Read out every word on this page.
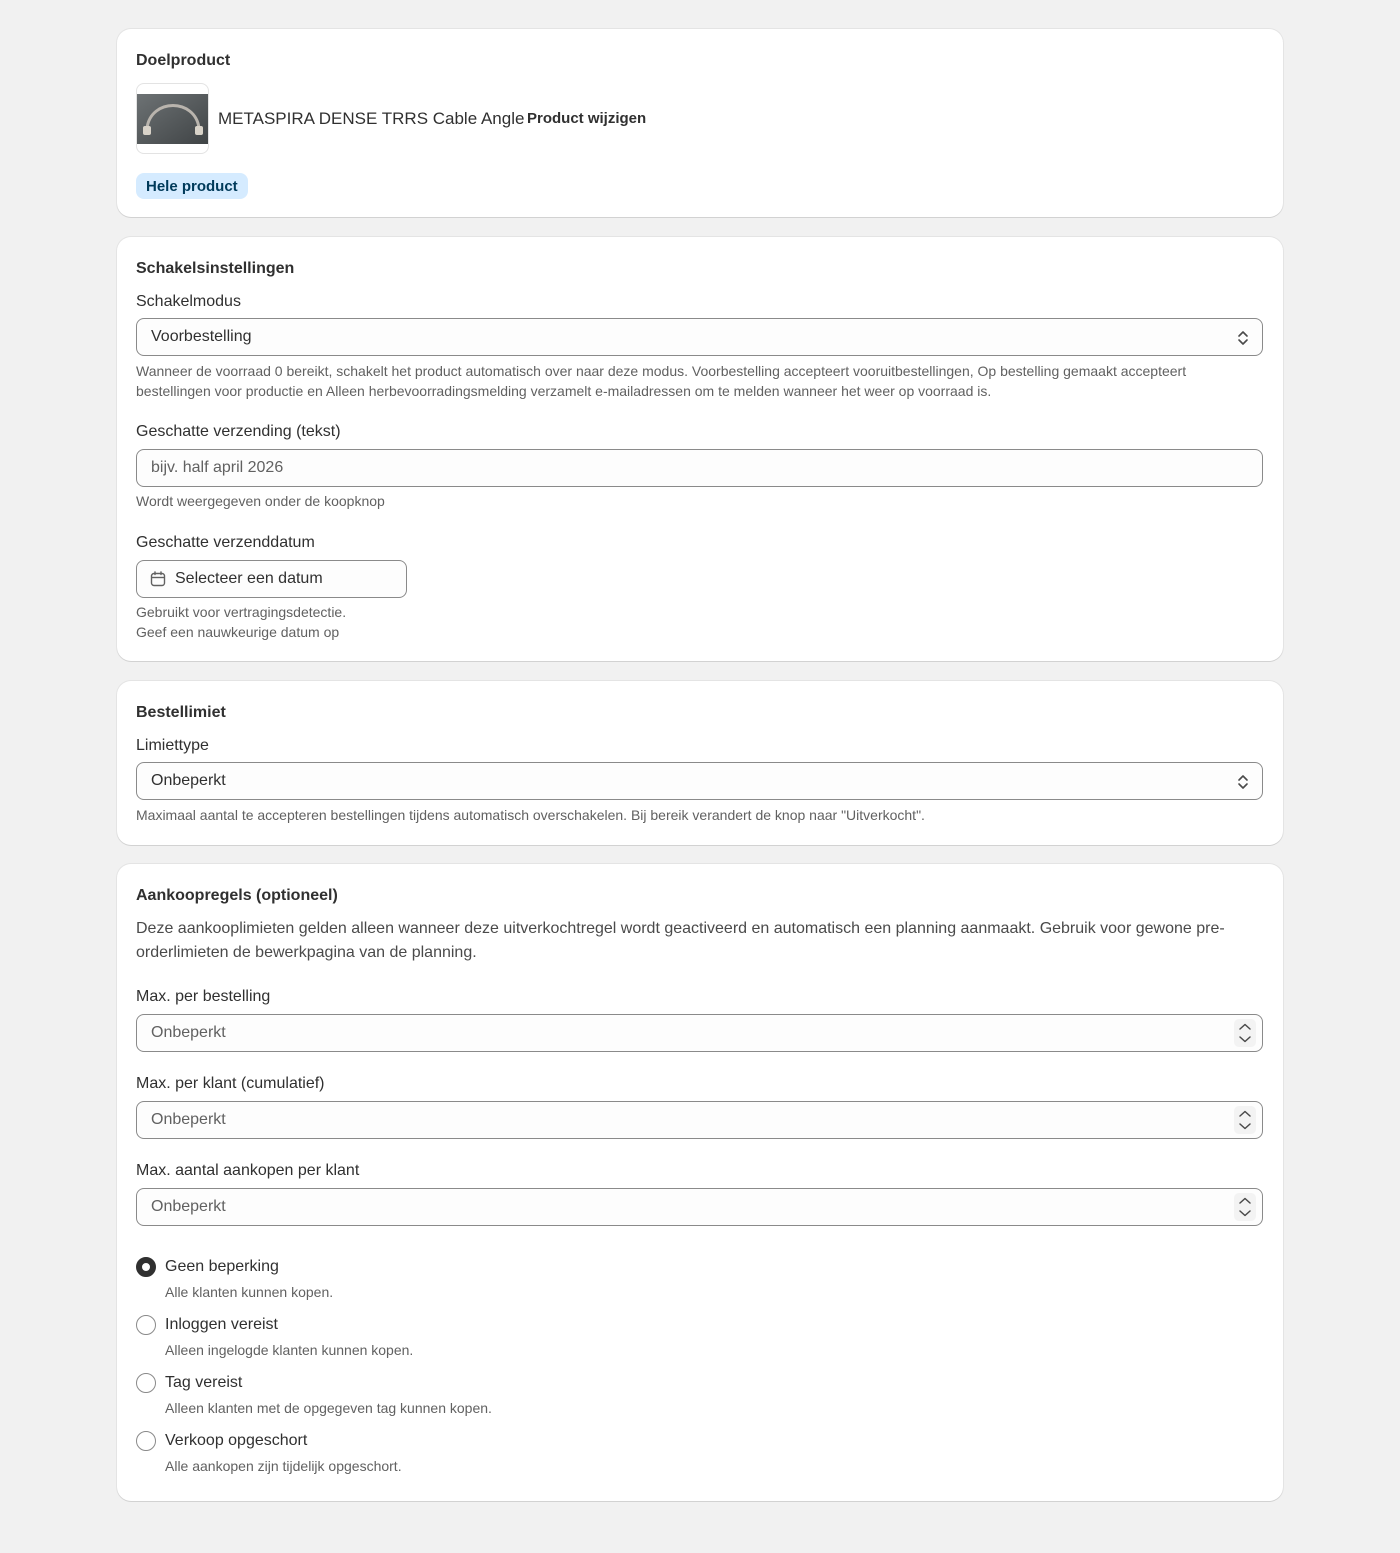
Doelproduct
METASPIRA DENSE TRRS Cable Angle Product wijzigen
Hele product
Schakelsinstellingen
Schakelmodus
Voorbestelling
Wanneer de voorraad 0 bereikt, schakelt het product automatisch over naar deze modus. Voorbestelling accepteert vooruitbestellingen, Op bestelling gemaakt accepteert bestellingen voor productie en Alleen herbevoorradingsmelding verzamelt e-mailadressen om te melden wanneer het weer op voorraad is.
Geschatte verzending (tekst)
bijv. half april 2026
Wordt weergegeven onder de koopknop
Geschatte verzenddatum
Selecteer een datum
Gebruikt voor vertragingsdetectie.
Geef een nauwkeurige datum op
Bestellimiet
Limiettype
Onbeperkt
Maximaal aantal te accepteren bestellingen tijdens automatisch overschakelen. Bij bereik verandert de knop naar "Uitverkocht".
Aankoopregels (optioneel)
Deze aankooplimieten gelden alleen wanneer deze uitverkochtregel wordt geactiveerd en automatisch een planning aanmaakt. Gebruik voor gewone pre-orderlimieten de bewerkpagina van de planning.
Max. per bestelling
Onbeperkt
Max. per klant (cumulatief)
Onbeperkt
Max. aantal aankopen per klant
Onbeperkt
Geen beperking
Alle klanten kunnen kopen.
Inloggen vereist
Alleen ingelogde klanten kunnen kopen.
Tag vereist
Alleen klanten met de opgegeven tag kunnen kopen.
Verkoop opgeschort
Alle aankopen zijn tijdelijk opgeschort.
